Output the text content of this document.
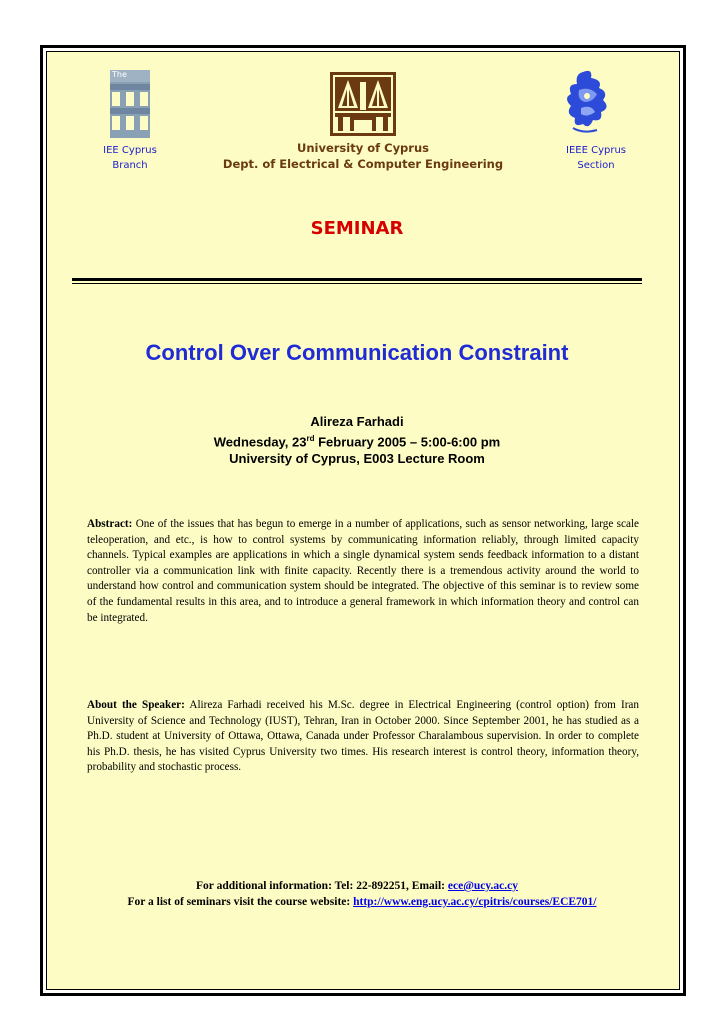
The
IEE Cyprus
Branch
University of Cyprus
Dept. of Electrical & Computer Engineering
IEEE Cyprus
Section
SEMINAR
Control Over Communication Constraint
Alireza Farhadi
Wednesday, 23rd February 2005 – 5:00-6:00 pm
University of Cyprus, E003 Lecture Room
Abstract: One of the issues that has begun to emerge in a number of applications, such as sensor networking, large scale teleoperation, and etc., is how to control systems by communicating information reliably, through limited capacity channels. Typical examples are applications in which a single dynamical system sends feedback information to a distant controller via a communication link with finite capacity. Recently there is a tremendous activity around the world to understand how control and communication system should be integrated. The objective of this seminar is to review some of the fundamental results in this area, and to introduce a general framework in which information theory and control can be integrated.
About the Speaker: Alireza Farhadi received his M.Sc. degree in Electrical Engineering (control option) from Iran University of Science and Technology (IUST), Tehran, Iran in October 2000. Since September 2001, he has studied as a Ph.D. student at University of Ottawa, Ottawa, Canada under Professor Charalambous supervision. In order to complete his Ph.D. thesis, he has visited Cyprus University two times. His research interest is control theory, information theory, probability and stochastic process.
For additional information: Tel: 22-892251, Email: ece@ucy.ac.cy
For a list of seminars visit the course website: http://www.eng.ucy.ac.cy/cpitris/courses/ECE701/
